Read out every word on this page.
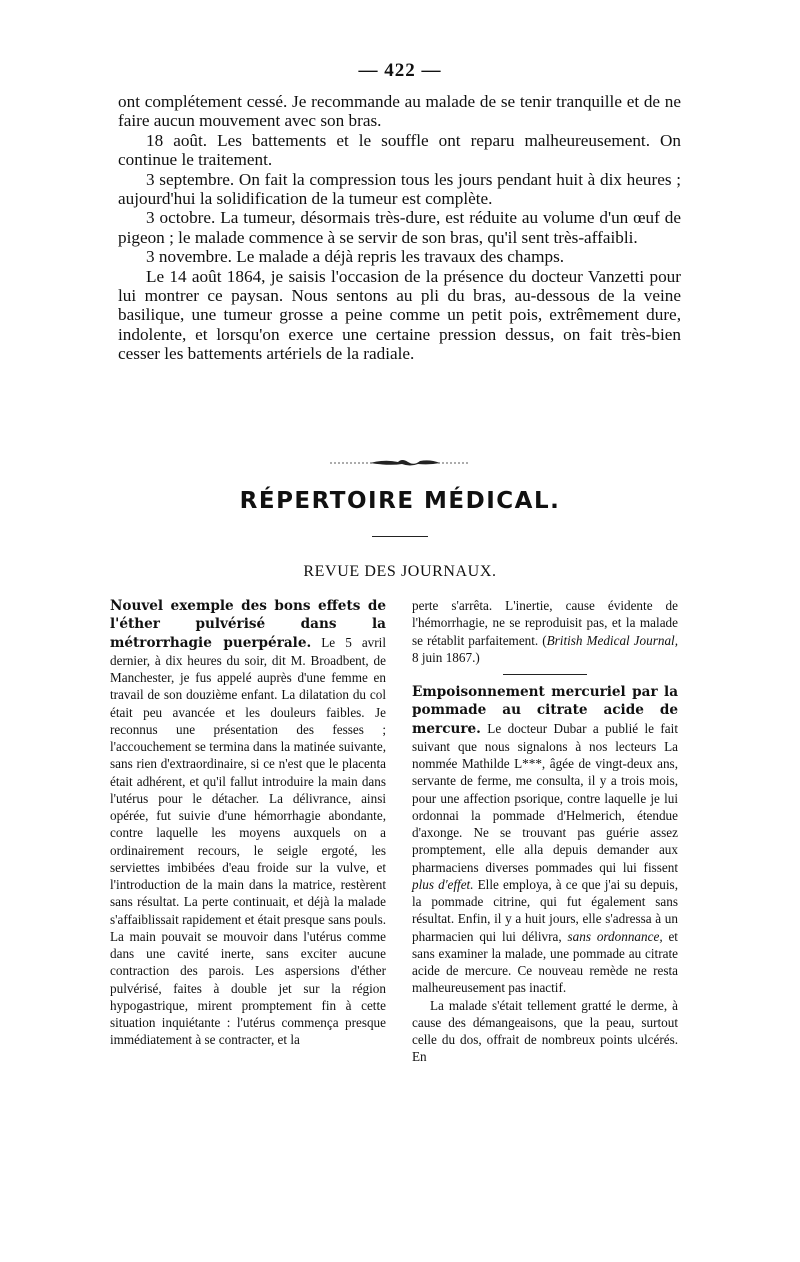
— 422 —

ont complétement cessé. Je recommande au malade de se tenir tranquille et de ne faire aucun mouvement avec son bras.

18 août. Les battements et le souffle ont reparu malheureusement. On continue le traitement.

3 septembre. On fait la compression tous les jours pendant huit à dix heures ; aujourd'hui la solidification de la tumeur est complète.

3 octobre. La tumeur, désormais très-dure, est réduite au volume d'un œuf de pigeon ; le malade commence à se servir de son bras, qu'il sent très-affaibli.

3 novembre. Le malade a déjà repris les travaux des champs.

Le 14 août 1864, je saisis l'occasion de la présence du docteur Vanzetti pour lui montrer ce paysan. Nous sentons au pli du bras, au-dessous de la veine basilique, une tumeur grosse a peine comme un petit pois, extrêmement dure, indolente, et lorsqu'on exerce une certaine pression dessus, on fait très-bien cesser les battements artériels de la radiale.

RÉPERTOIRE MÉDICAL.
REVUE DES JOURNAUX.

Nouvel exemple des bons effets de l'éther pulvérisé dans la métrorrhagie puerpérale. Le 5 avril dernier, à dix heures du soir, dit M. Broadbent, de Manchester, je fus appelé auprès d'une femme en travail de son douzième enfant. La dilatation du col était peu avancée et les douleurs faibles. Je reconnus une présentation des fesses ; l'accouchement se termina dans la matinée suivante, sans rien d'extraordinaire, si ce n'est que le placenta était adhérent, et qu'il fallut introduire la main dans l'utérus pour le détacher. La délivrance, ainsi opérée, fut suivie d'une hémorrhagie abondante, contre laquelle les moyens auxquels on a ordinairement recours, le seigle ergoté, les serviettes imbibées d'eau froide sur la vulve, et l'introduction de la main dans la matrice, restèrent sans résultat. La perte continuait, et déjà la malade s'affaiblissait rapidement et était presque sans pouls. La main pouvait se mouvoir dans l'utérus comme dans une cavité inerte, sans exciter aucune contraction des parois. Les aspersions d'éther pulvérisé, faites à double jet sur la région hypogastrique, mirent promptement fin à cette situation inquiétante : l'utérus commença presque immédiatement à se contracter, et la

perte s'arrêta. L'inertie, cause évidente de l'hémorrhagie, ne se reproduisit pas, et la malade se rétablit parfaitement. (British Medical Journal, 8 juin 1867.)

Empoisonnement mercuriel par la pommade au citrate acide de mercure. Le docteur Dubar a publié le fait suivant que nous signalons à nos lecteurs La nommée Mathilde L***, âgée de vingt-deux ans, servante de ferme, me consulta, il y a trois mois, pour une affection psorique, contre laquelle je lui ordonnai la pommade d'Helmerich, étendue d'axonge. Ne se trouvant pas guérie assez promptement, elle alla depuis demander aux pharmaciens diverses pommades qui lui fissent plus d'effet. Elle employa, à ce que j'ai su depuis, la pommade citrine, qui fut également sans résultat. Enfin, il y a huit jours, elle s'adressa à un pharmacien qui lui délivra, sans ordonnance, et sans examiner la malade, une pommade au citrate acide de mercure. Ce nouveau remède ne resta malheureusement pas inactif.

La malade s'était tellement gratté le derme, à cause des démangeaisons, que la peau, surtout celle du dos, offrait de nombreux points ulcérés. En
